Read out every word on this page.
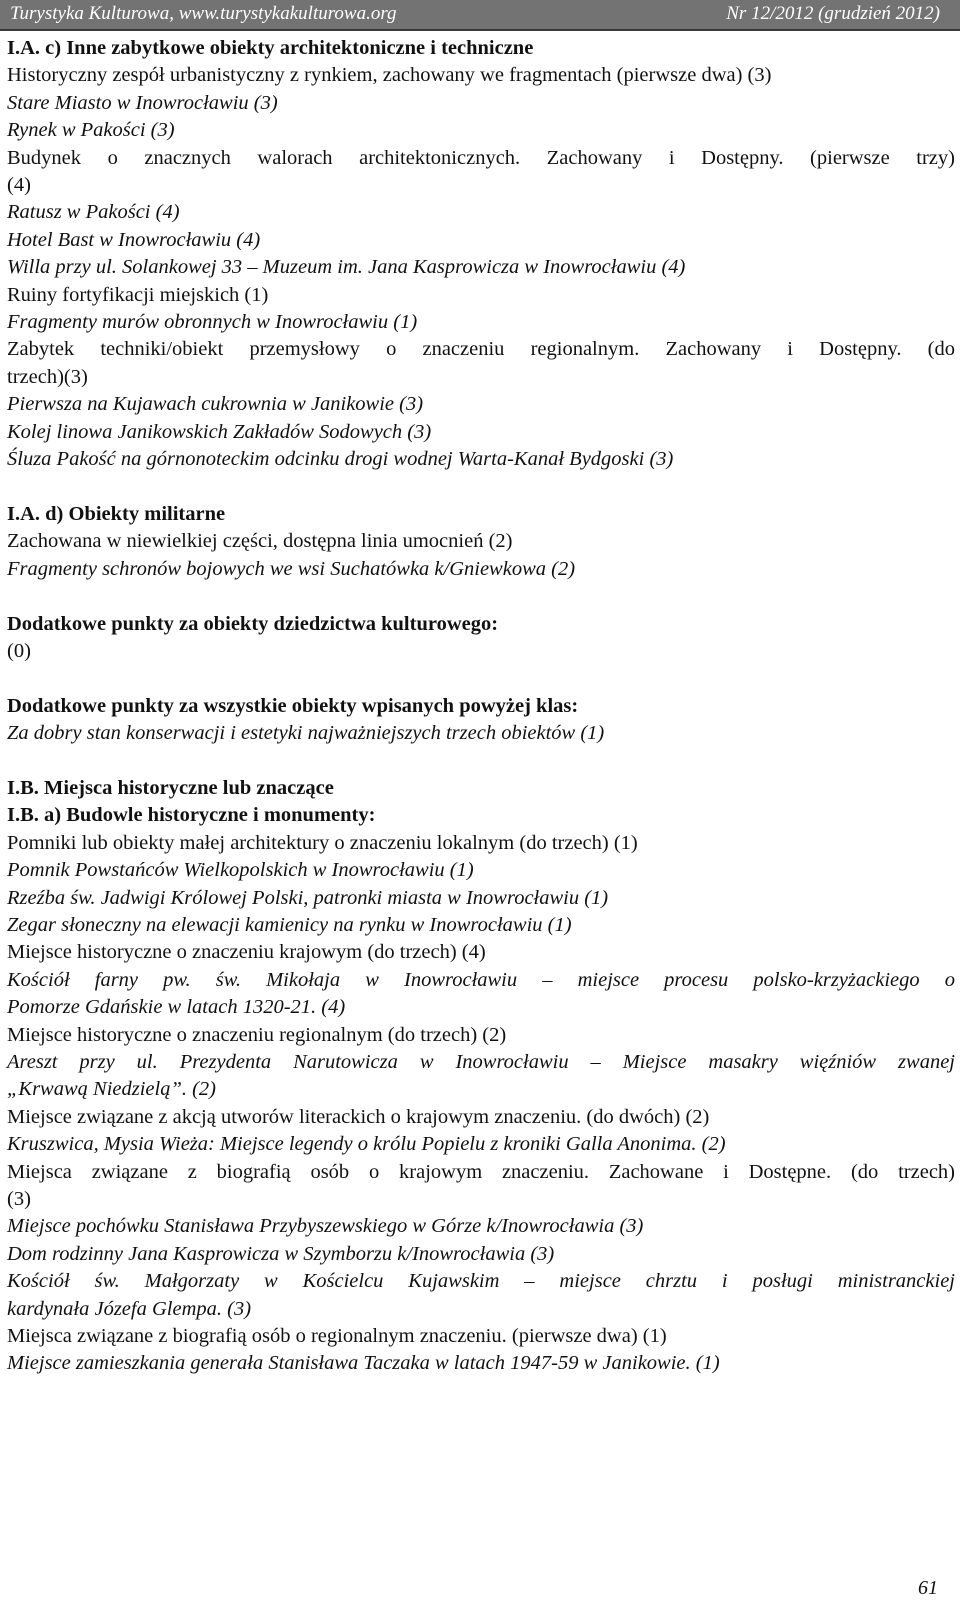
Turystyka Kulturowa, www.turystykakulturowa.org	Nr 12/2012 (grudzień 2012)
I.A. c) Inne zabytkowe obiekty architektoniczne i techniczne
Historyczny zespół urbanistyczny z rynkiem, zachowany we fragmentach (pierwsze dwa) (3)
Stare Miasto w Inowrocławiu (3)
Rynek w Pakości (3)
Budynek o znacznych walorach architektonicznych. Zachowany i Dostępny. (pierwsze trzy)
(4)
Ratusz w Pakości (4)
Hotel Bast w Inowrocławiu (4)
Willa przy ul. Solankowej 33 – Muzeum im. Jana Kasprowicza w Inowrocławiu (4)
Ruiny fortyfikacji miejskich (1)
Fragmenty murów obronnych w Inowrocławiu (1)
Zabytek techniki/obiekt przemysłowy o znaczeniu regionalnym. Zachowany i Dostępny. (do
trzech)(3)
Pierwsza na Kujawach cukrownia w Janikowie (3)
Kolej linowa Janikowskich Zakładów Sodowych (3)
Śluza Pakość na górnonoteckim odcinku drogi wodnej Warta-Kanał Bydgoski (3)
I.A. d) Obiekty militarne
Zachowana w niewielkiej części, dostępna linia umocnień (2)
Fragmenty schronów bojowych we wsi Suchatówka k/Gniewkowa (2)
Dodatkowe punkty za obiekty dziedzictwa kulturowego:
(0)
Dodatkowe punkty za wszystkie obiekty wpisanych powyżej klas:
Za dobry stan konserwacji i estetyki najważniejszych trzech obiektów (1)
I.B. Miejsca historyczne lub znaczące
I.B. a) Budowle historyczne i monumenty:
Pomniki lub obiekty małej architektury o znaczeniu lokalnym (do trzech) (1)
Pomnik Powstańców Wielkopolskich w Inowrocławiu (1)
Rzeźba św. Jadwigi Królowej Polski, patronki miasta w Inowrocławiu (1)
Zegar słoneczny na elewacji kamienicy na rynku w Inowrocławiu (1)
Miejsce historyczne o znaczeniu krajowym (do trzech) (4)
Kościół farny pw. św. Mikołaja w Inowrocławiu – miejsce procesu polsko-krzyżackiego o
Pomorze Gdańskie w latach 1320-21. (4)
Miejsce historyczne o znaczeniu regionalnym (do trzech) (2)
Areszt przy ul. Prezydenta Narutowicza w Inowrocławiu – Miejsce masakry więźniów zwanej
„Krwawą Niedzielą”. (2)
Miejsce związane z akcją utworów literackich o krajowym znaczeniu. (do dwóch) (2)
Kruszwica, Mysia Wieża: Miejsce legendy o królu Popielu z kroniki Galla Anonima. (2)
Miejsca związane z biografią osób o krajowym znaczeniu. Zachowane i Dostępne. (do trzech)
(3)
Miejsce pochówku Stanisława Przybyszewskiego w Górze k/Inowrocławia (3)
Dom rodzinny Jana Kasprowicza w Szymborzu k/Inowrocławia (3)
Kościół św. Małgorzaty w Kościelcu Kujawskim – miejsce chrztu i posługi ministranckiej
kardynała Józefa Glempa. (3)
Miejsca związane z biografią osób o regionalnym znaczeniu. (pierwsze dwa) (1)
Miejsce zamieszkania generała Stanisława Taczaka w latach 1947-59 w Janikowie. (1)
61
